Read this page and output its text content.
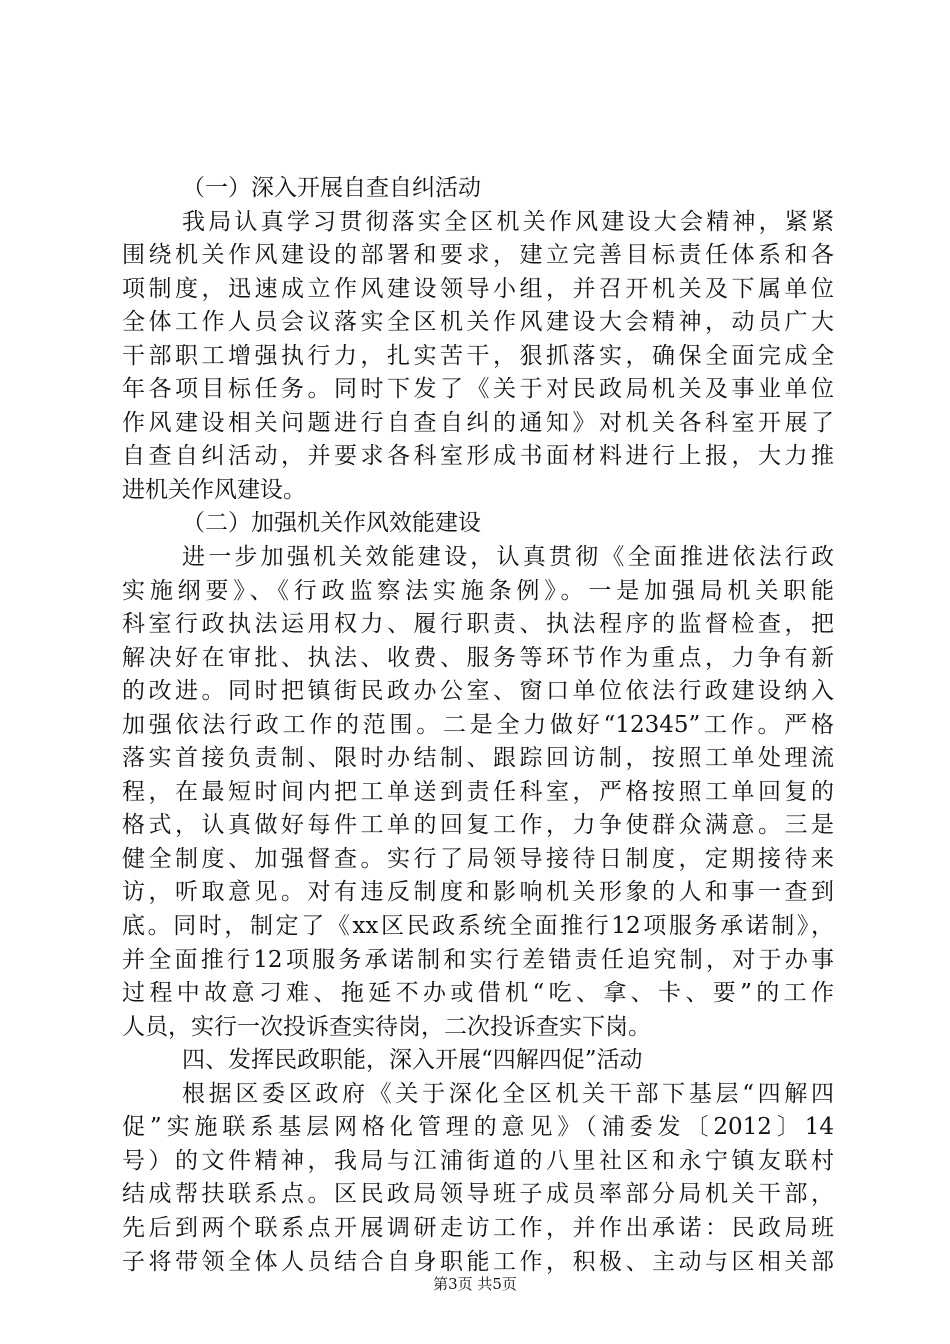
（一）深入开展自查自纠活动
我局认真学习贯彻落实全区机关作风建设大会精神，紧紧
围绕机关作风建设的部署和要求，建立完善目标责任体系和各
项制度，迅速成立作风建设领导小组，并召开机关及下属单位
全体工作人员会议落实全区机关作风建设大会精神，动员广大
干部职工增强执行力，扎实苦干，狠抓落实，确保全面完成全
年各项目标任务。同时下发了《关于对民政局机关及事业单位
作风建设相关问题进行自查自纠的通知》对机关各科室开展了
自查自纠活动，并要求各科室形成书面材料进行上报，大力推
进机关作风建设。
（二）加强机关作风效能建设
进一步加强机关效能建设，认真贯彻《全面推进依法行政
实施纲要》、《行政监察法实施条例》。一是加强局机关职能
科室行政执法运用权力、履行职责、执法程序的监督检查，把
解决好在审批、执法、收费、服务等环节作为重点，力争有新
的改进。同时把镇街民政办公室、窗口单位依法行政建设纳入
加强依法行政工作的范围。二是全力做好“12345”工作。严格
落实首接负责制、限时办结制、跟踪回访制，按照工单处理流
程，在最短时间内把工单送到责任科室，严格按照工单回复的
格式，认真做好每件工单的回复工作，力争使群众满意。三是
健全制度、加强督查。实行了局领导接待日制度，定期接待来
访，听取意见。对有违反制度和影响机关形象的人和事一查到
底。同时，制定了《xx区民政系统全面推行12项服务承诺制》，
并全面推行12项服务承诺制和实行差错责任追究制，对于办事
过程中故意刁难、拖延不办或借机“吃、拿、卡、要”的工作
人员，实行一次投诉查实待岗，二次投诉查实下岗。
四、发挥民政职能，深入开展“四解四促”活动
根据区委区政府《关于深化全区机关干部下基层“四解四
促”实施联系基层网格化管理的意见》（浦委发〔2012〕14
号）的文件精神，我局与江浦街道的八里社区和永宁镇友联村
结成帮扶联系点。区民政局领导班子成员率部分局机关干部，
先后到两个联系点开展调研走访工作，并作出承诺：民政局班
子将带领全体人员结合自身职能工作，积极、主动与区相关部
第3页 共5页
